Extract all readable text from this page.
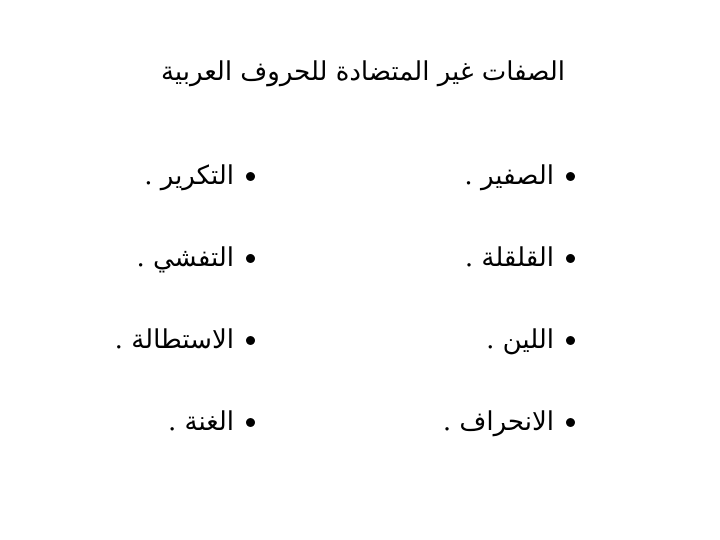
الصفات غير المتضادة للحروف العربية
الصفير .
القلقلة .
اللين .
الانحراف .
التكرير .
التفشي .
الاستطالة .
الغنة .
